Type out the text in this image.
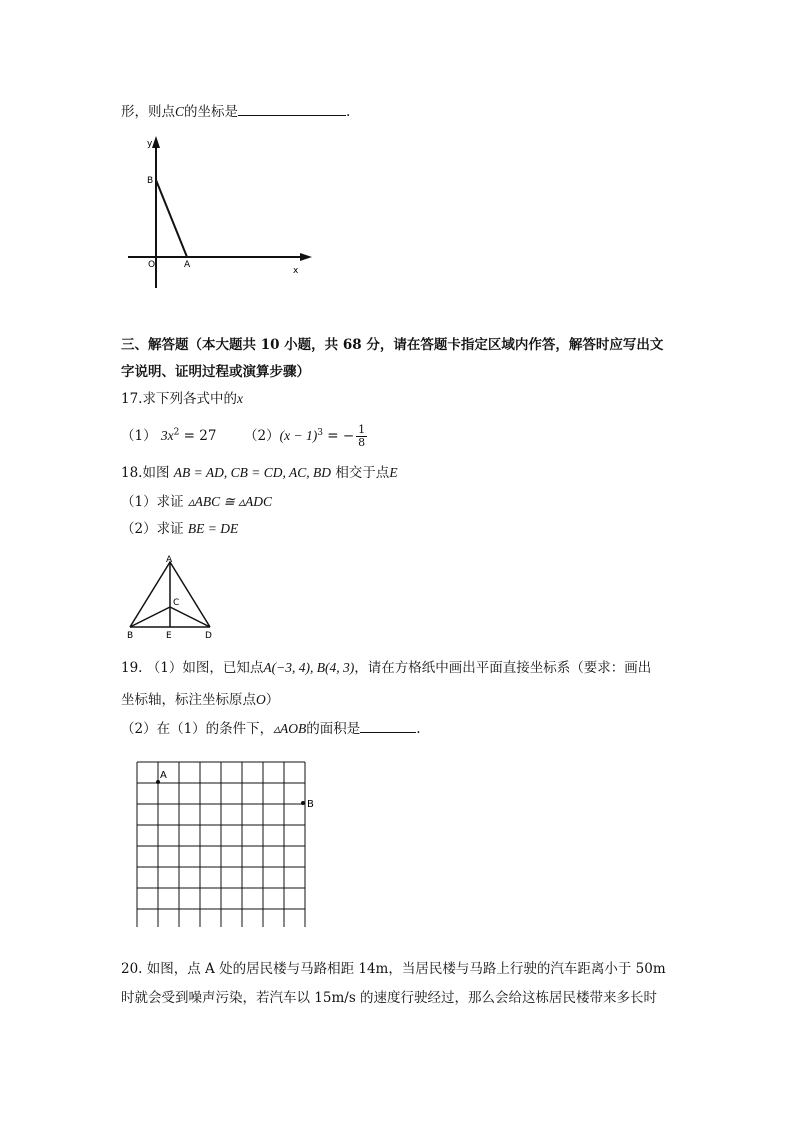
形，则点C的坐标是	.
y
x
B
O	A
三、解答题（本大题共 10 小题，共 68 分，请在答题卡指定区域内作答，解答时应写出文
字说明、证明过程或演算步骤）
17.求下列各式中的x
（1） $3x^2 = 27$ $(2)(x - 1)^3$ = − $\frac{1}{8}$
18.如图 AB = AD, CB = CD, AC, BD 相交于点E
（1）求证 ▵ABC ≅ ▵ADC
（2）求证 BE = DE
A
C
B	E	D
19. （1）如图，已知点A(−3, 4), B(4, 3)，请在方格纸中画出平面直接坐标系（要求：画出
坐标轴，标注坐标原点O）
（2）在（1）的条件下，▵AOB的面积是	.
A
B
20. 如图，点 A 处的居民楼与马路相距 14m，当居民楼与马路上行驶的汽车距离小于 50m
时就会受到噪声污染，若汽车以 15m/s 的速度行驶经过，那么会给这栋居民楼带来多长时
